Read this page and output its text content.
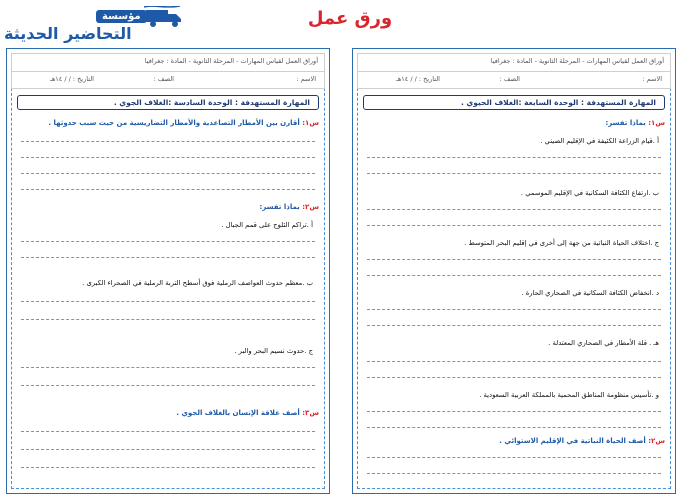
مؤسسة
التحاضير الحديثة
ورق عمل
أوراق العمل لقياس المهارات - المرحلة الثانوية - المادة : جغرافيا
الاسم :
الصف :
التاريخ : / / ١٤هـ
المهارة المستهدفة : الوحدة السابعة :الغلاف الحيوي .
س١: بماذا تفسر:
أ .قيام الزراعة الكثيفة في الإقليم الصيني .
ب .ارتفاع الكثافة السكانية في الإقليم الموسمي .
ج .اختلاف الحياة النباتية من جهة إلى أخرى في إقليم البحر المتوسط .
د .انخفاض الكثافة السكانية في الصحاري الحارة .
هـ . قلة الأمطار في الصحاري المعتدلة .
و .تأسيس منظومة المناطق المحمية بالمملكة العربية السعودية .
س٢: أصف الحياة النباتية في الإقليم الاستوائي .
أوراق العمل لقياس المهارات - المرحلة الثانوية - المادة : جغرافيا
الاسم :
الصف :
التاريخ : / / ١٤هـ
المهارة المستهدفة : الوحدة السادسة :الغلاف الجوي .
س١: أقارن بين الأمطار التصاعدية والأمطار التضاريسية من حيث سبب حدوثها .
س٢: بماذا تفسر:
أ .تراكم الثلوج على قمم الجبال .
ب .معظم حدوث العواصف الرملية فوق أسطح التربة الرملية في الصحراء الكبرى .
ج .حدوث نسيم البحر والبر .
س٣: أصف علاقة الإنسان بالغلاف الجوي .
